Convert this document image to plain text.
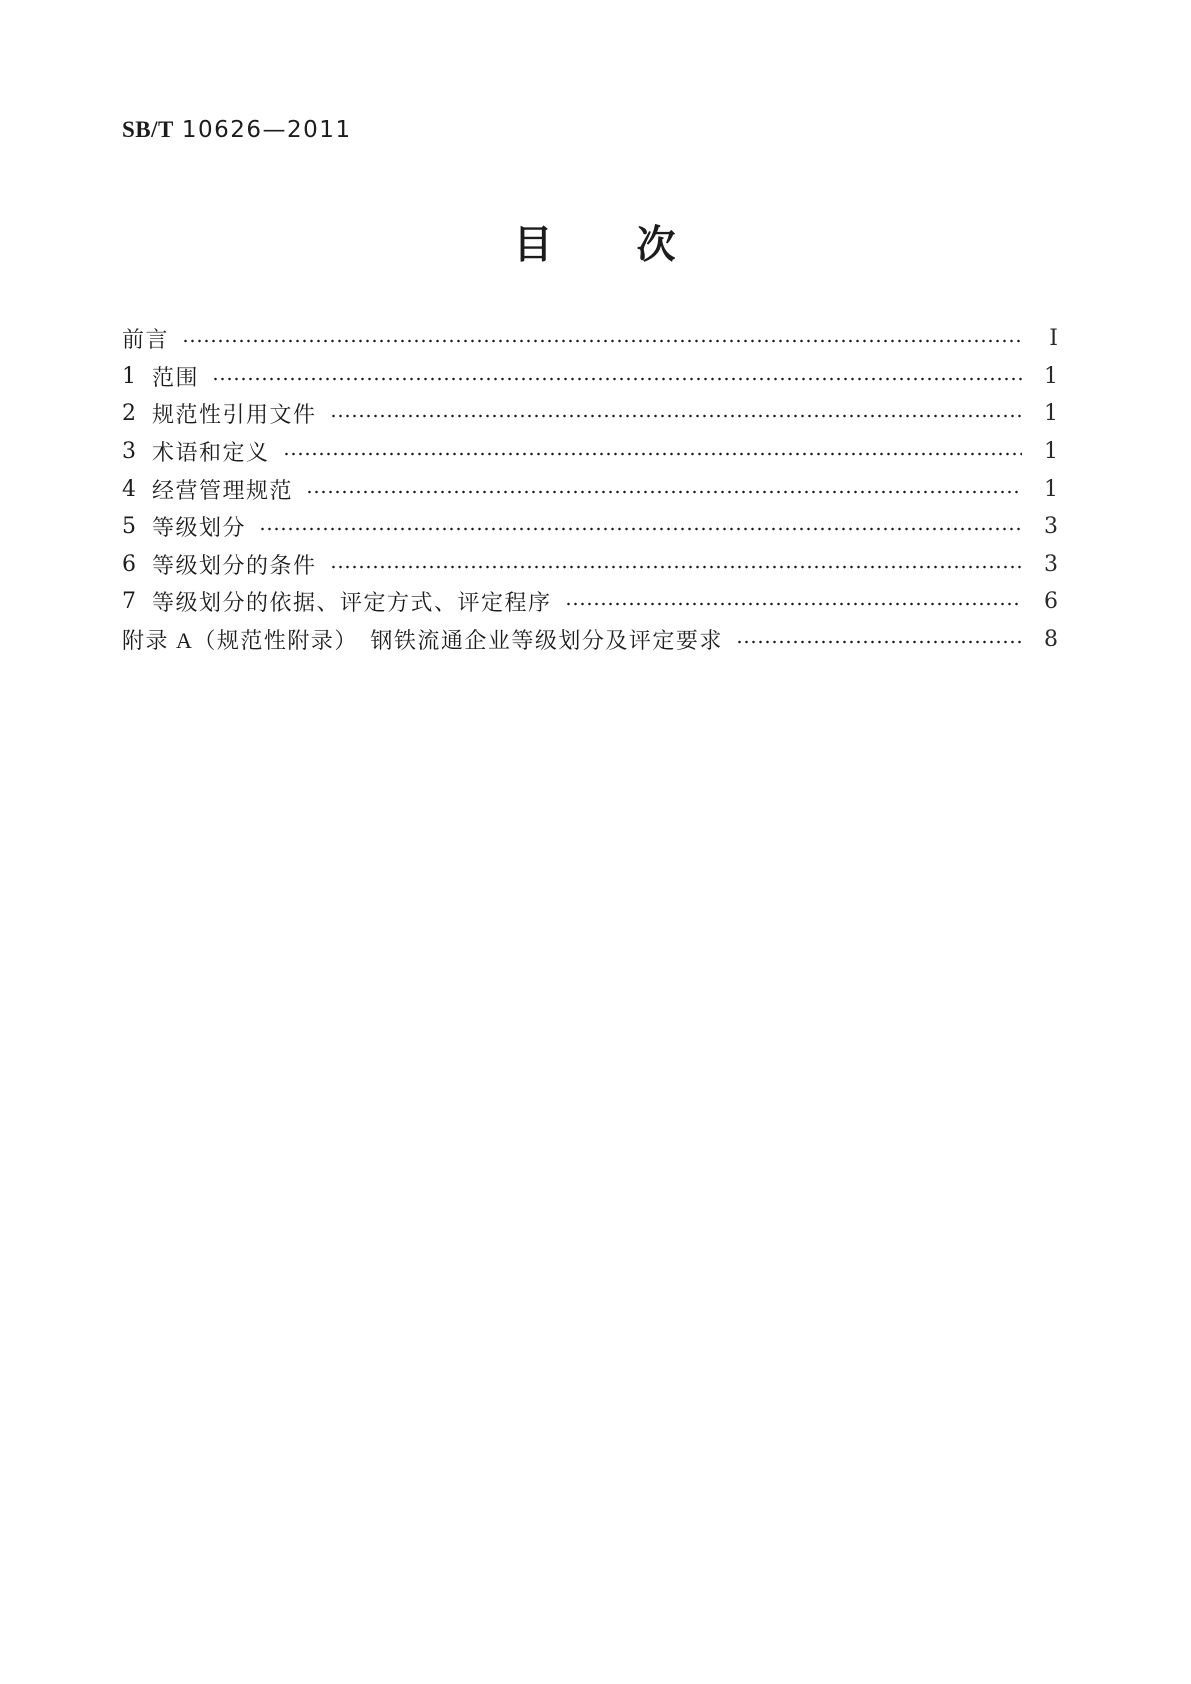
SB/T 10626—2011
目　　次
前言	I
1 范围	1
2 规范性引用文件	1
3 术语和定义	1
4 经营管理规范	1
5 等级划分	3
6 等级划分的条件	3
7 等级划分的依据、评定方式、评定程序	6
附录 A（规范性附录）　钢铁流通企业等级划分及评定要求	8
